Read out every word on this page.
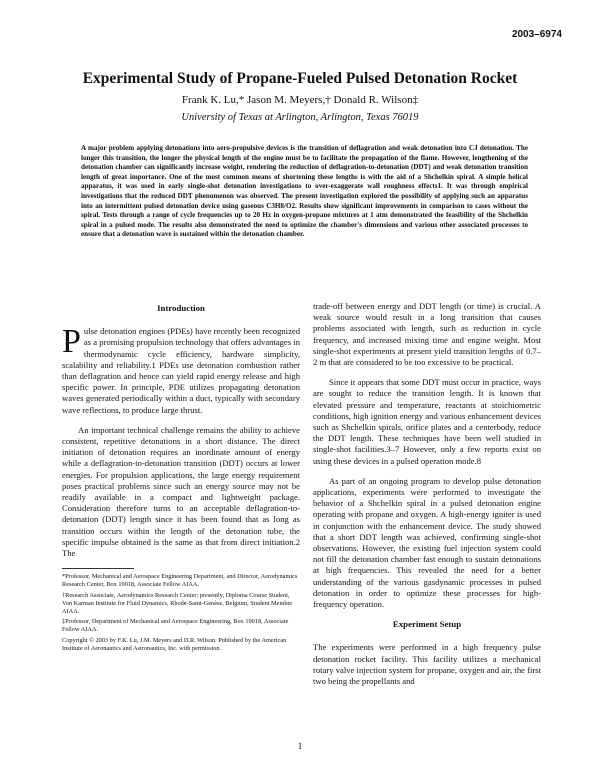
2003–6974
Experimental Study of Propane-Fueled Pulsed Detonation Rocket
Frank K. Lu,* Jason M. Meyers,† Donald R. Wilson‡
University of Texas at Arlington, Arlington, Texas 76019
A major problem applying detonations into aero-propulsive devices is the transition of deflagration and weak detonation into CJ detonation. The longer this transition, the longer the physical length of the engine must be to facilitate the propagation of the flame. However, lengthening of the detonation chamber can significantly increase weight, rendering the reduction of deflagration-to-detonation (DDT) and weak detonation transition length of great importance. One of the most common means of shortening these lengths is with the aid of a Shchelkin spiral. A simple helical apparatus, it was used in early single-shot detonation investigations to over-exaggerate wall roughness effects1. It was through empirical investigations that the reduced DDT phenomenon was observed. The present investigation explored the possibility of applying such an apparatus into an intermittent pulsed detonation device using gaseous C3H8/O2. Results show significant improvements in comparison to cases without the spiral. Tests through a range of cycle frequencies up to 20 Hz in oxygen-propane mixtures at 1 atm demonstrated the feasibility of the Shchelkin spiral in a pulsed mode. The results also demonstrated the need to optimize the chamber's dimensions and various other associated processes to ensure that a detonation wave is sustained within the detonation chamber.
Introduction

Pulse detonation engines (PDEs) have recently been recognized as a promising propulsion technology that offers advantages in thermodynamic cycle efficiency, hardware simplicity, scalability and reliability.1 PDEs use detonation combustion rather than deflagration and hence can yield rapid energy release and high specific power. In principle, PDE utilizes propagating detonation waves generated periodically within a duct, typically with secondary wave reflections, to produce large thrust.

An important technical challenge remains the ability to achieve consistent, repetitive detonations in a short distance. The direct initiation of detonation requires an inordinate amount of energy while a deflagration-to-detonation transition (DDT) occurs at lower energies. For propulsion applications, the large energy requirement poses practical problems since such an energy source may not be readily available in a compact and lightweight package. Consideration therefore turns to an acceptable deflagration-to-detonation (DDT) length since it has been found that as long as transition occurs within the length of the detonation tube, the specific impulse obtained is the same as that from direct initiation.2 The

*Professor, Mechanical and Aerospace Engineering Department, and Director, Aerodynamics Research Center, Box 19018, Associate Fellow AIAA.
†Research Associate, Aerodynamics Research Center; presently, Diploma Course Student, Von Karman Institute for Fluid Dynamics, Rhode-Saint-Genèse, Belgium, Student Member AIAA.
‡Professor, Department of Mechanical and Aerospace Engineering, Box 19018, Associate Fellow AIAA.
Copyright © 2003 by F.K. Lu, J.M. Meyers and D.R. Wilson. Published by the American Institute of Aeronautics and Astronautics, Inc. with permission.

trade-off between energy and DDT length (or time) is crucial. A weak source would result in a long transition that causes problems associated with length, such as reduction in cycle frequency, and increased mixing time and engine weight. Most single-shot experiments at present yield transition lengths of 0.7–2 m that are considered to be too excessive to be practical.

Since it appears that some DDT must occur in practice, ways are sought to reduce the transition length. It is known that elevated pressure and temperature, reactants at stoichiometric conditions, high ignition energy and various enhancement devices such as Shchelkin spirals, orifice plates and a centerbody, reduce the DDT length. These techniques have been well studied in single-shot facilities.3–7 However, only a few reports exist on using these devices in a pulsed operation mode.8

As part of an ongoing program to develop pulse detonation applications, experiments were performed to investigate the behavior of a Shchelkin spiral in a pulsed detonation engine operating with propane and oxygen. A high-energy igniter is used in conjunction with the enhancement device. The study showed that a short DDT length was achieved, confirming single-shot observations. However, the existing fuel injection system could not fill the detonation chamber fast enough to sustain detonations at high frequencies. This revealed the need for a better understanding of the various gasdynamic processes in pulsed detonation in order to optimize these processes for high-frequency operation.

Experiment Setup

The experiments were performed in a high frequency pulse detonation rocket facility. This facility utilizes a mechanical rotary valve injection system for propane, oxygen and air, the first two being the propellants and

1
